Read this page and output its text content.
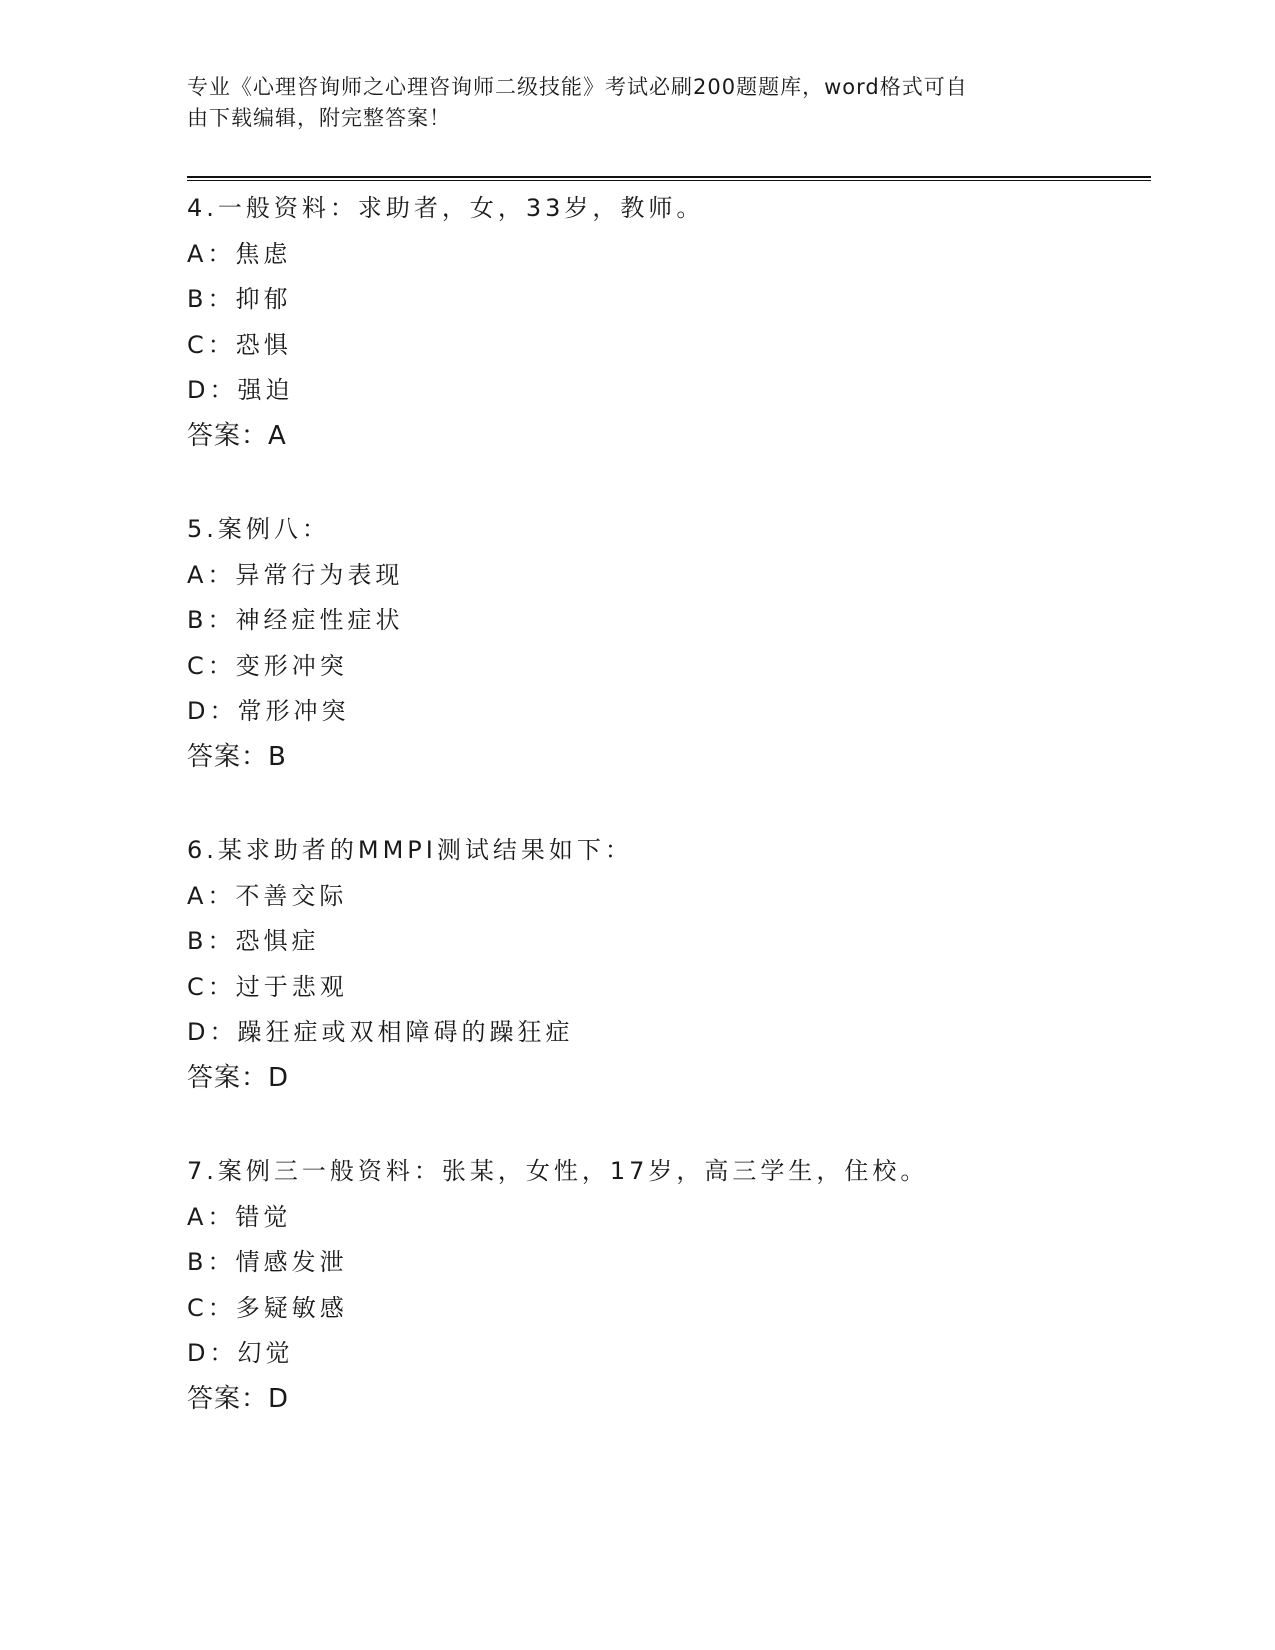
专业《心理咨询师之心理咨询师二级技能》考试必刷200题题库，word格式可自
由下载编辑，附完整答案！
4.一般资料：求助者，女，33岁，教师。
A：焦虑
B：抑郁
C：恐惧
D：强迫
答案：A
5.案例八：
A：异常行为表现
B：神经症性症状
C：变形冲突
D：常形冲突
答案：B
6.某求助者的MMPI测试结果如下：
A：不善交际
B：恐惧症
C：过于悲观
D：躁狂症或双相障碍的躁狂症
答案：D
7.案例三一般资料：张某，女性，17岁，高三学生，住校。
A：错觉
B：情感发泄
C：多疑敏感
D：幻觉
答案：D
